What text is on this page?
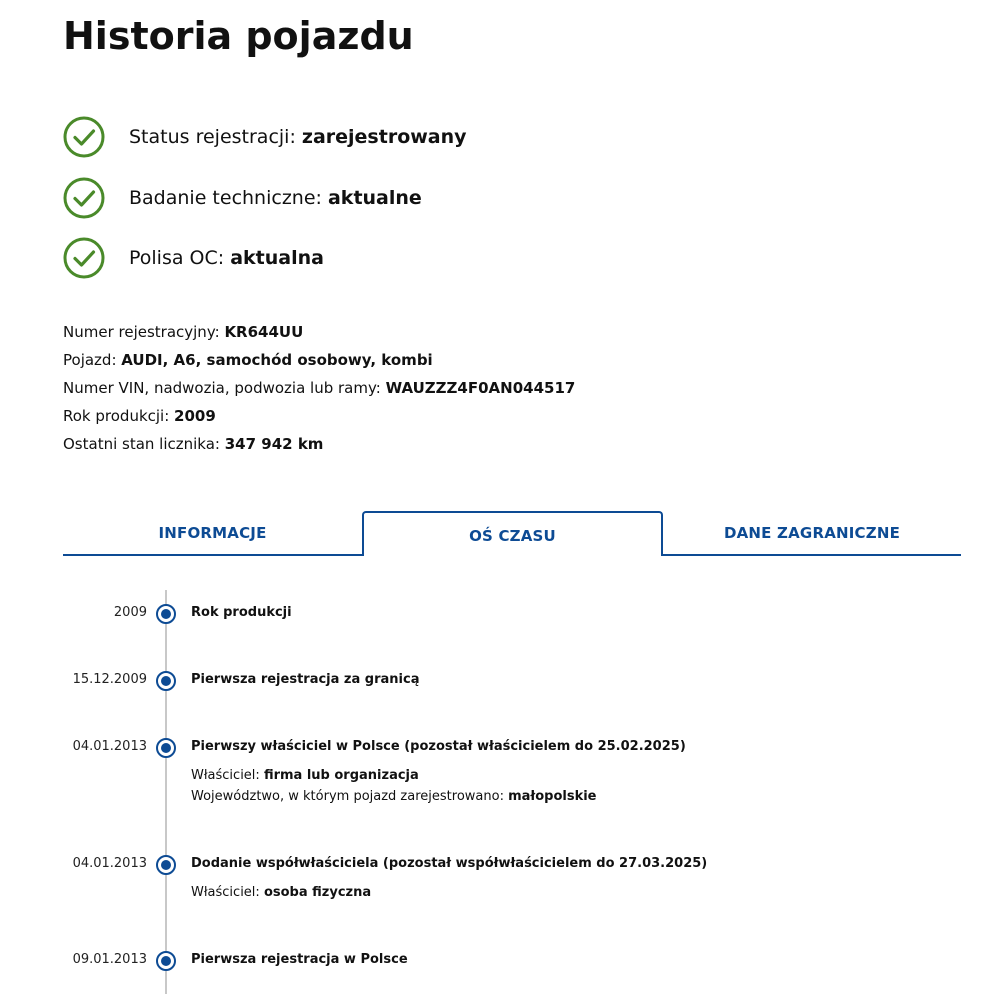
Historia pojazdu
Status rejestracji: zarejestrowany
Badanie techniczne: aktualne
Polisa OC: aktualna
Numer rejestracyjny: KR644UU
Pojazd: AUDI, A6, samochód osobowy, kombi
Numer VIN, nadwozia, podwozia lub ramy: WAUZZZ4F0AN044517
Rok produkcji: 2009
Ostatni stan licznika: 347 942 km
INFORMACJE	OŚ CZASU	DANE ZAGRANICZNE
2009	Rok produkcji
15.12.2009	Pierwsza rejestracja za granicą
04.01.2013	Pierwszy właściciel w Polsce (pozostał właścicielem do 25.02.2025)
Właściciel: firma lub organizacja
Województwo, w którym pojazd zarejestrowano: małopolskie
04.01.2013	Dodanie współwłaściciela (pozostał współwłaścicielem do 27.03.2025)
Właściciel: osoba fizyczna
09.01.2013	Pierwsza rejestracja w Polsce
